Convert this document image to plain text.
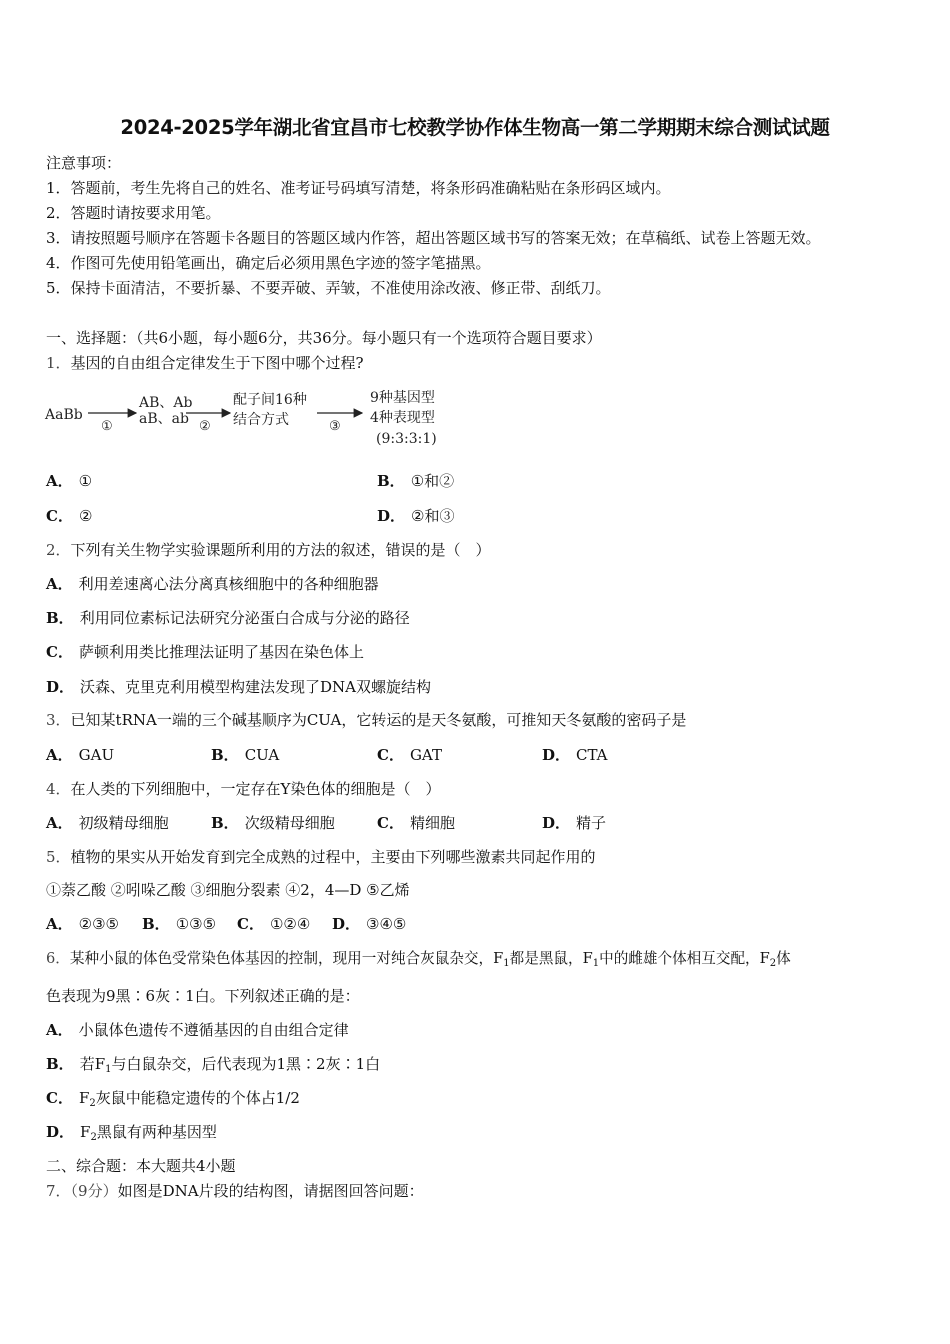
2024-2025学年湖北省宜昌市七校教学协作体生物高一第二学期期末综合测试试题
注意事项：
1．答题前，考生先将自己的姓名、准考证号码填写清楚，将条形码准确粘贴在条形码区域内。
2．答题时请按要求用笔。
3．请按照题号顺序在答题卡各题目的答题区域内作答，超出答题区域书写的答案无效；在草稿纸、试卷上答题无效。
4．作图可先使用铅笔画出，确定后必须用黑色字迹的签字笔描黑。
5．保持卡面清洁，不要折暴、不要弄破、弄皱，不准使用涂改液、修正带、刮纸刀。
一、选择题：（共6小题，每小题6分，共36分。每小题只有一个选项符合题目要求）
1．基因的自由组合定律发生于下图中哪个过程?
AaBb
①
AB、Ab
aB、ab ②
配子间16种
结合方式	③
9种基因型
4种表现型
(9:3:3:1)
A． ①	B． ①和②
C． ②	D． ②和③
2．下列有关生物学实验课题所利用的方法的叙述，错误的是（　）
A． 利用差速离心法分离真核细胞中的各种细胞器
B． 利用同位素标记法研究分泌蛋白合成与分泌的路径
C． 萨顿利用类比推理法证明了基因在染色体上
D． 沃森、克里克利用模型构建法发现了DNA双螺旋结构
3．已知某tRNA一端的三个碱基顺序为CUA，它转运的是天冬氨酸，可推知天冬氨酸的密码子是
A． GAU	B． CUA	C． GAT	D． CTA
4．在人类的下列细胞中，一定存在Y染色体的细胞是（　）
A． 初级精母细胞	B． 次级精母细胞	C． 精细胞	D． 精子
5．植物的果实从开始发育到完全成熟的过程中，主要由下列哪些激素共同起作用的
①萘乙酸 ②吲哚乙酸 ③细胞分裂素 ④2，4—D ⑤乙烯
A． ②③⑤ B． ①③⑤ C． ①②④ D． ③④⑤
6．某种小鼠的体色受常染色体基因的控制，现用一对纯合灰鼠杂交，$F_1$都是黑鼠，$F_1$中的雌雄个体相互交配，$F_2$体
色表现为9黑∶6灰∶1白。下列叙述正确的是：
A． 小鼠体色遗传不遵循基因的自由组合定律
B． 若$F_1$与白鼠杂交，后代表现为1黑∶2灰∶1白
C． $F_2$灰鼠中能稳定遗传的个体占1/2
D． $F_2$黑鼠有两种基因型
二、综合题：本大题共4小题
7．（9分）如图是DNA片段的结构图，请据图回答问题：
